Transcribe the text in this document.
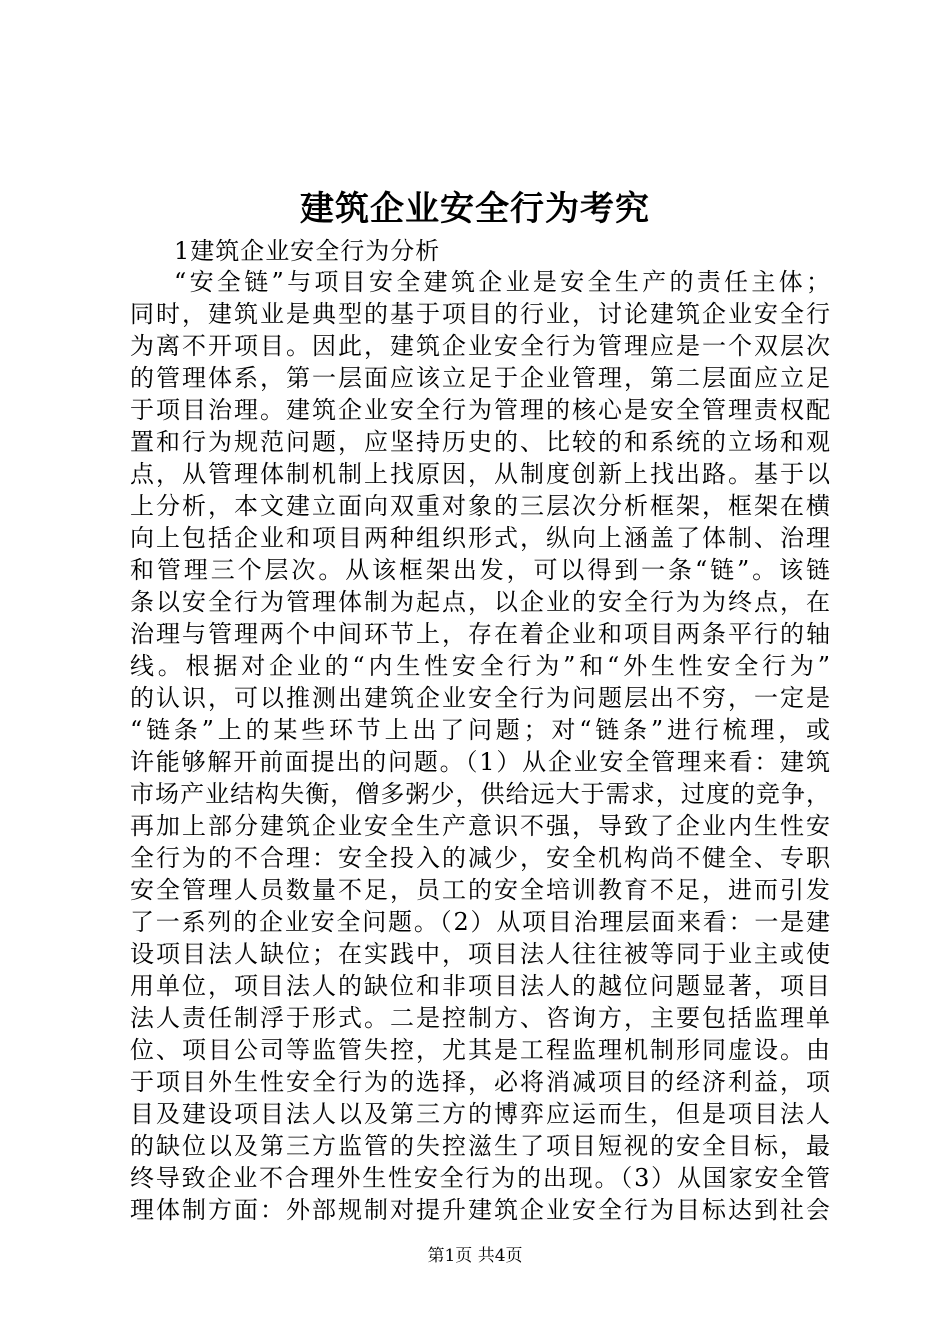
建筑企业安全行为考究
1建筑企业安全行为分析
“安全链”与项目安全建筑企业是安全生产的责任主体；
同时，建筑业是典型的基于项目的行业，讨论建筑企业安全行
为离不开项目。因此，建筑企业安全行为管理应是一个双层次
的管理体系，第一层面应该立足于企业管理，第二层面应立足
于项目治理。建筑企业安全行为管理的核心是安全管理责权配
置和行为规范问题，应坚持历史的、比较的和系统的立场和观
点，从管理体制机制上找原因，从制度创新上找出路。基于以
上分析，本文建立面向双重对象的三层次分析框架，框架在横
向上包括企业和项目两种组织形式，纵向上涵盖了体制、治理
和管理三个层次。从该框架出发，可以得到一条“链”。该链
条以安全行为管理体制为起点，以企业的安全行为为终点，在
治理与管理两个中间环节上，存在着企业和项目两条平行的轴
线。根据对企业的“内生性安全行为”和“外生性安全行为”
的认识，可以推测出建筑企业安全行为问题层出不穷，一定是
“链条”上的某些环节上出了问题；对“链条”进行梳理，或
许能够解开前面提出的问题。（1）从企业安全管理来看：建筑
市场产业结构失衡，僧多粥少，供给远大于需求，过度的竞争，
再加上部分建筑企业安全生产意识不强，导致了企业内生性安
全行为的不合理：安全投入的减少，安全机构尚不健全、专职
安全管理人员数量不足，员工的安全培训教育不足，进而引发
了一系列的企业安全问题。（2）从项目治理层面来看：一是建
设项目法人缺位；在实践中，项目法人往往被等同于业主或使
用单位，项目法人的缺位和非项目法人的越位问题显著，项目
法人责任制浮于形式。二是控制方、咨询方，主要包括监理单
位、项目公司等监管失控，尤其是工程监理机制形同虚设。由
于项目外生性安全行为的选择，必将消减项目的经济利益，项
目及建设项目法人以及第三方的博弈应运而生，但是项目法人
的缺位以及第三方监管的失控滋生了项目短视的安全目标，最
终导致企业不合理外生性安全行为的出现。（3）从国家安全管
理体制方面：外部规制对提升建筑企业安全行为目标达到社会
第1页 共4页
